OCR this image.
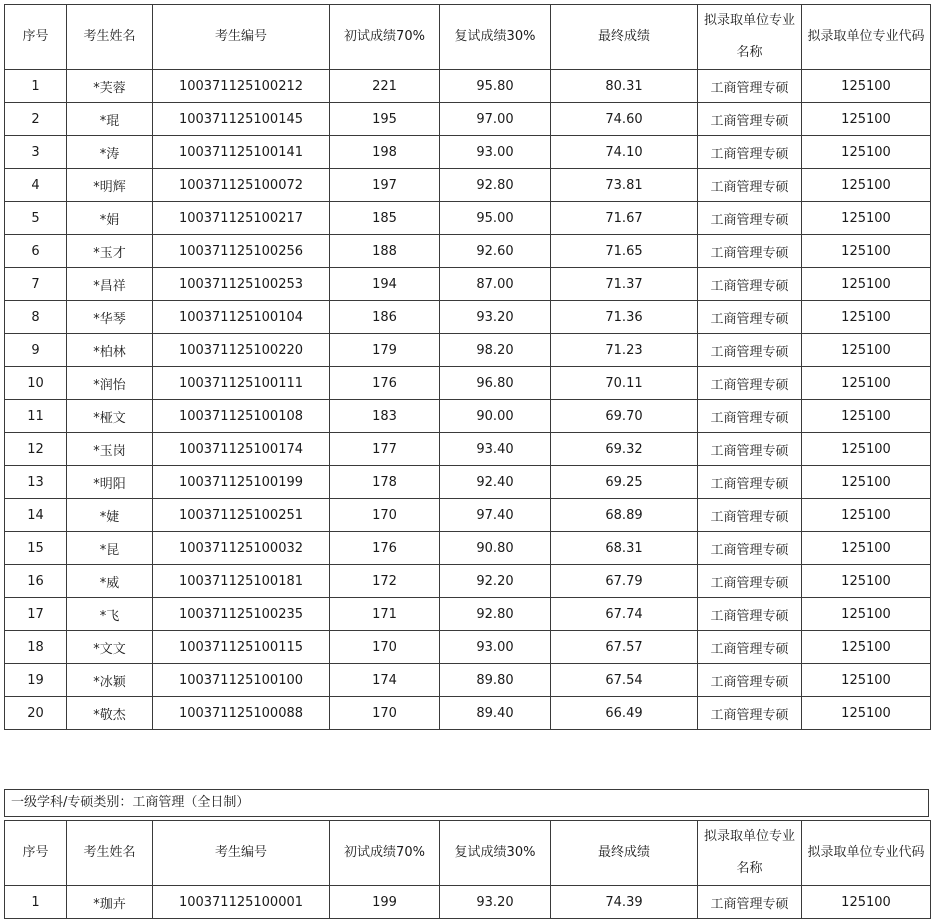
序号	考生姓名	考生编号	初试成绩70%	复试成绩30%	最终成绩	拟录取单位专业名称	拟录取单位专业代码
1	*芙蓉	100371125100212	221	95.80	80.31	工商管理专硕	125100
2	*琨	100371125100145	195	97.00	74.60	工商管理专硕	125100
3	*涛	100371125100141	198	93.00	74.10	工商管理专硕	125100
4	*明辉	100371125100072	197	92.80	73.81	工商管理专硕	125100
5	*娟	100371125100217	185	95.00	71.67	工商管理专硕	125100
6	*玉才	100371125100256	188	92.60	71.65	工商管理专硕	125100
7	*昌祥	100371125100253	194	87.00	71.37	工商管理专硕	125100
8	*华琴	100371125100104	186	93.20	71.36	工商管理专硕	125100
9	*柏林	100371125100220	179	98.20	71.23	工商管理专硕	125100
10	*润怡	100371125100111	176	96.80	70.11	工商管理专硕	125100
11	*桠文	100371125100108	183	90.00	69.70	工商管理专硕	125100
12	*玉岗	100371125100174	177	93.40	69.32	工商管理专硕	125100
13	*明阳	100371125100199	178	92.40	69.25	工商管理专硕	125100
14	*婕	100371125100251	170	97.40	68.89	工商管理专硕	125100
15	*昆	100371125100032	176	90.80	68.31	工商管理专硕	125100
16	*威	100371125100181	172	92.20	67.79	工商管理专硕	125100
17	*飞	100371125100235	171	92.80	67.74	工商管理专硕	125100
18	*文文	100371125100115	170	93.00	67.57	工商管理专硕	125100
19	*冰颖	100371125100100	174	89.80	67.54	工商管理专硕	125100
20	*敬杰	100371125100088	170	89.40	66.49	工商管理专硕	125100
一级学科/专硕类别：工商管理（全日制）
序号	考生姓名	考生编号	初试成绩70%	复试成绩30%	最终成绩	拟录取单位专业名称	拟录取单位专业代码
1	*珈卉	100371125100001	199	93.20	74.39	工商管理专硕	125100
